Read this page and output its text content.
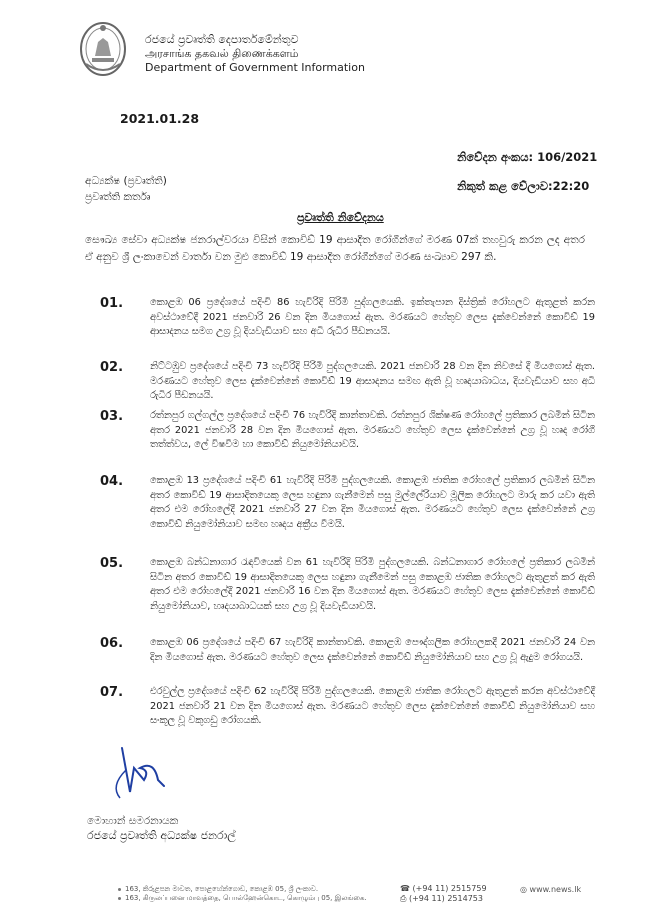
රජයේ ප්‍රවෘත්ති දෙපාර්තමේන්තුව
அரசாங்க தகவல் திணைக்களம்
Department of Government Information
2021.01.28
නිවේදන අංකය: 106/2021
නිකුත් කළ වේලාව:22:20
අධ්‍යක්ෂ (ප්‍රවෘත්ති)
ප්‍රවෘත්ති කර්තෘ
ප්‍රවෘත්ති නිවේදනය
සෞඛ්‍ය සේවා අධ්‍යක්ෂ ජනරාල්වරයා විසින් කොවිඩ් 19 ආසාදිත රෝගීන්ගේ මරණ 07ක් තහවුරු කරන ලද අතර ඒ අනුව ශ්‍රී ලංකාවෙන් වාර්තා වන මුළු කොවිඩ් 19 ආසාදිත රෝගීන්ගේ මරණ සංඛ්‍යාව 297 කි.
01.	කොළඹ 06 ප්‍රදේශයේ පදිංචි 86 හැවිරිදි පිරිමි පුද්ගලයෙකි. ඉක්තැපාන දිස්ත්‍රික් රෝහලට ඇතුළත් කරන අවස්ථාවේදී 2021 ජනවාරි 26 වන දින මියගොස් ඇත. මරණයට හේතුව ලෙස දැක්වෙන්නේ කොවිඩ් 19 ආසාදනය සමග උග්‍ර වූ දියවැඩියාව සහ අධි රුධිර පීඩනයයි.
02.	නිට්ටඹුව ප්‍රදේශයේ පදිංචි 73 හැවිරිදි පිරිමි පුද්ගලයෙකි. 2021 ජනවාරි 28 වන දින නිවසේ දී මියගොස් ඇත. මරණයට හේතුව ලෙස දැක්වෙන්නේ කොවිඩ් 19 ආසාදනය සමඟ ඇති වූ හෘදයාබාධය, දියවැඩියාව සහ අධි රුධිර පීඩනයයි.
03.	රත්නපුර ගල්ගල්ල ප්‍රදේශයේ පදිංචි 76 හැවිරිදි කාන්තාවකි. රත්නපුර ශික්ෂණ රෝහලේ ප්‍රතිකාර ලබමින් සිටින අතර 2021 ජනවාරි 28 වන දින මියගොස් ඇත. මරණයට හේතුව ලෙස දැක්වෙන්නේ උග්‍ර වූ හෘද රෝගී තත්ත්වය, ලේ විෂවීම හා කොවිඩ් නියුමෝනියාවයි.
04.	කොළඹ 13 ප්‍රදේශයේ පදිංචි 61 හැවිරිදි පිරිමි පුද්ගලයෙකි. කොළඹ ජාතික රෝහලේ ප්‍රතිකාර ලබමින් සිටින අතර කොවිඩ් 19 ආසාදිතයෙකු ලෙස හඳුනා ගැනීමෙන් පසු මුල්ලේරියාව මූලික රෝහලට මාරු කර යවා ඇති අතර එම රෝහලේදී 2021 ජනවාරි 27 වන දින මියගොස් ඇත. මරණයට හේතුව ලෙස දැක්වෙන්නේ උග්‍ර කොවිඩ් නියුමෝනියාව සමඟ හෘදය අක්‍රීය වීමයි.
05.	කොළඹ බන්ධනාගාර රැඳවියෙක් වන 61 හැවිරිදි පිරිමි පුද්ගලයෙකි. බන්ධනාගාර රෝහලේ ප්‍රතිකාර ලබමින් සිටින අතර කොවිඩ් 19 ආසාදිතයෙකු ලෙස හඳුනා ගැනීමෙන් පසු කොළඹ ජාතික රෝහලට ඇතුළත් කර ඇති අතර එම රෝහලේදී 2021 ජනවාරි 16 වන දින මියගොස් ඇත. මරණයට හේතුව ලෙස දැක්වෙන්නේ කොවිඩ් නියුමෝනියාව, හෘදයාබාධයක් සහ උග්‍ර වූ දියවැඩියාවයි.
06.	කොළඹ 06 ප්‍රදේශයේ පදිංචි 67 හැවිරිදි කාන්තාවකි. කොළඹ පෞද්ගලික රෝහලකදී 2021 ජනවාරි 24 වන දින මියගොස් ඇත. මරණයට හේතුව ලෙස දැක්වෙන්නේ කොවිඩ් නියුමෝනියාව සහ උග්‍ර වූ ඇදුම රෝගයයි.
07.	එරවුල්ල ප්‍රදේශයේ පදිංචි 62 හැවිරිදි පිරිමි පුද්ගලයෙකි. කොළඹ ජාතික රෝහලට ඇතුළත් කරන අවස්ථාවේදී 2021 ජනවාරි 21 වන දින මියගොස් ඇත. මරණයට හේතුව ලෙස දැක්වෙන්නේ කොවිඩ් නියුමෝනියාව සහ සංකූල වූ වකුගඩු රෝගයකි.
මොහාන් සමරනායක
රජයේ ප්‍රවෘත්ති අධ්‍යක්ෂ ජනරාල්
163, කිරුළපන මාවත, පොළහේන්ගොඩ, කොළඹ 05, ශ්‍රී ලංකාව.
163, கிருலப்பனை மாவத்தை, பொல்ஹேன்கொட, கொழும்பு 05, இலங்கை.
☎ (+94 11) 2515759
⎙ (+94 11) 2514753
◎ www.news.lk
